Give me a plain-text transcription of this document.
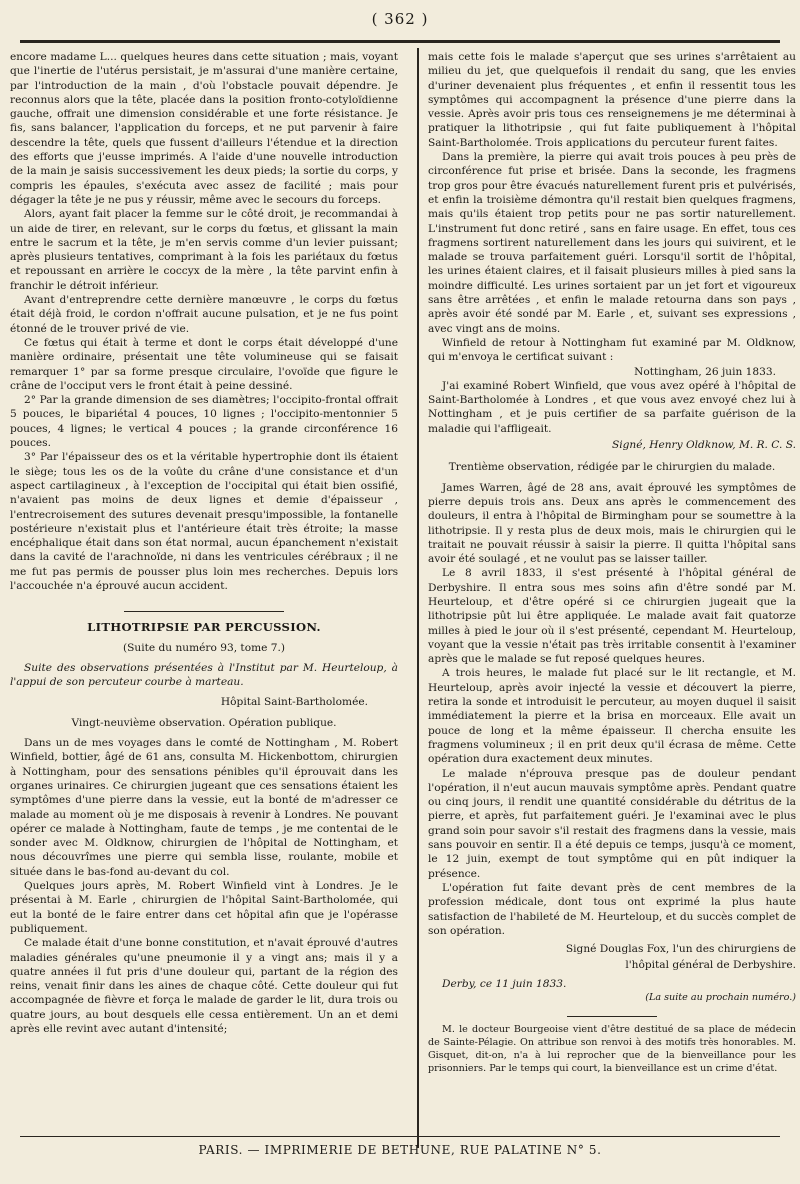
( 362 )

encore madame L... quelques heures dans cette situation ; mais, voyant que l'inertie de l'utérus persistait, je m'assurai d'une manière certaine, par l'introduction de la main , d'où l'obstacle pouvait dépendre. Je reconnus alors que la tête, placée dans la position fronto-cotyloïdienne gauche, offrait une dimension considérable et une forte résistance. Je fis, sans balancer, l'application du forceps, et ne put parvenir à faire descendre la tête, quels que fussent d'ailleurs l'étendue et la direction des efforts que j'eusse imprimés. A l'aide d'une nouvelle introduction de la main je saisis successivement les deux pieds; la sortie du corps, y compris les épaules, s'exécuta avec assez de facilité ; mais pour dégager la tête je ne pus y réussir, même avec le secours du forceps.

Alors, ayant fait placer la femme sur le côté droit, je recommandai à un aide de tirer, en relevant, sur le corps du fœtus, et glissant la main entre le sacrum et la tête, je m'en servis comme d'un levier puissant; après plusieurs tentatives, comprimant à la fois les pariétaux du fœtus et repoussant en arrière le coccyx de la mère , la tête parvint enfin à franchir le détroit inférieur.

Avant d'entreprendre cette dernière manœuvre , le corps du fœtus était déjà froid, le cordon n'offrait aucune pulsation, et je ne fus point étonné de le trouver privé de vie.

Ce fœtus qui était à terme et dont le corps était développé d'une manière ordinaire, présentait une tête volumineuse qui se faisait remarquer 1° par sa forme presque circulaire, l'ovoïde que figure le crâne de l'occiput vers le front était à peine dessiné.

2° Par la grande dimension de ses diamètres; l'occipito-frontal offrait 5 pouces, le bipariétal 4 pouces, 10 lignes ; l'occipito-mentonnier 5 pouces, 4 lignes; le vertical 4 pouces ; la grande circonférence 16 pouces.

3° Par l'épaisseur des os et la véritable hypertrophie dont ils étaient le siège; tous les os de la voûte du crâne d'une consistance et d'un aspect cartilagineux , à l'exception de l'occipital qui était bien ossifié, n'avaient pas moins de deux lignes et demie d'épaisseur , l'entrecroisement des sutures devenait presqu'impossible, la fontanelle postérieure n'existait plus et l'antérieure était très étroite; la masse encéphalique était dans son état normal, aucun épanchement n'existait dans la cavité de l'arachnoïde, ni dans les ventricules cérébraux ; il ne me fut pas permis de pousser plus loin mes recherches. Depuis lors l'accouchée n'a éprouvé aucun accident.

LITHOTRIPSIE PAR PERCUSSION.

(Suite du numéro 93, tome 7.)

Suite des observations présentées à l'Institut par M. Heurteloup, à l'appui de son percuteur courbe à marteau.

Hôpital Saint-Bartholomée.

Vingt-neuvième observation. Opération publique.

Dans un de mes voyages dans le comté de Nottingham , M. Robert Winfield, bottier, âgé de 61 ans, consulta M. Hickenbottom, chirurgien à Nottingham, pour des sensations pénibles qu'il éprouvait dans les organes urinaires. Ce chirurgien jugeant que ces sensations étaient les symptômes d'une pierre dans la vessie, eut la bonté de m'adresser ce malade au moment où je me disposais à revenir à Londres. Ne pouvant opérer ce malade à Nottingham, faute de temps , je me contentai de le sonder avec M. Oldknow, chirurgien de l'hôpital de Nottingham, et nous découvrîmes une pierre qui sembla lisse, roulante, mobile et située dans le bas-fond au-devant du col.

Quelques jours après, M. Robert Winfield vint à Londres. Je le présentai à M. Earle , chirurgien de l'hôpital Saint-Bartholomée, qui eut la bonté de le faire entrer dans cet hôpital afin que je l'opérasse publiquement.

Ce malade était d'une bonne constitution, et n'avait éprouvé d'autres maladies générales qu'une pneumonie il y a vingt ans; mais il y a quatre années il fut pris d'une douleur qui, partant de la région des reins, venait finir dans les aines de chaque côté. Cette douleur qui fut accompagnée de fièvre et força le malade de garder le lit, dura trois ou quatre jours, au bout desquels elle cessa entièrement. Un an et demi après elle revint avec autant d'intensité;

mais cette fois le malade s'aperçut que ses urines s'arrêtaient au milieu du jet, que quelquefois il rendait du sang, que les envies d'uriner devenaient plus fréquentes , et enfin il ressentit tous les symptômes qui accompagnent la présence d'une pierre dans la vessie. Après avoir pris tous ces renseignemens je me déterminai à pratiquer la lithotripsie , qui fut faite publiquement à l'hôpital Saint-Bartholomée. Trois applications du percuteur furent faites.

Dans la première, la pierre qui avait trois pouces à peu près de circonférence fut prise et brisée. Dans la seconde, les fragmens trop gros pour être évacués naturellement furent pris et pulvérisés, et enfin la troisième démontra qu'il restait bien quelques fragmens, mais qu'ils étaient trop petits pour ne pas sortir naturellement. L'instrument fut donc retiré , sans en faire usage. En effet, tous ces fragmens sortirent naturellement dans les jours qui suivirent, et le malade se trouva parfaitement guéri. Lorsqu'il sortit de l'hôpital, les urines étaient claires, et il faisait plusieurs milles à pied sans la moindre difficulté. Les urines sortaient par un jet fort et vigoureux sans être arrêtées , et enfin le malade retourna dans son pays , après avoir été sondé par M. Earle , et, suivant ses expressions , avec vingt ans de moins.

Winfield de retour à Nottingham fut examiné par M. Oldknow, qui m'envoya le certificat suivant :

Nottingham, 26 juin 1833.

J'ai examiné Robert Winfield, que vous avez opéré à l'hôpital de Saint-Bartholomée à Londres , et que vous avez envoyé chez lui à Nottingham , et je puis certifier de sa parfaite guérison de la maladie qui l'affligeait.

Signé, Henry Oldknow, M. R. C. S.

Trentième observation, rédigée par le chirurgien du malade.

James Warren, âgé de 28 ans, avait éprouvé les symptômes de pierre depuis trois ans. Deux ans après le commencement des douleurs, il entra à l'hôpital de Birmingham pour se soumettre à la lithotripsie. Il y resta plus de deux mois, mais le chirurgien qui le traitait ne pouvait réussir à saisir la pierre. Il quitta l'hôpital sans avoir été soulagé , et ne voulut pas se laisser tailler.

Le 8 avril 1833, il s'est présenté à l'hôpital général de Derbyshire. Il entra sous mes soins afin d'être sondé par M. Heurteloup, et d'être opéré si ce chirurgien jugeait que la lithotripsie pût lui être appliquée. Le malade avait fait quatorze milles à pied le jour où il s'est présenté, cependant M. Heurteloup, voyant que la vessie n'était pas très irritable consentit à l'examiner après que le malade se fut reposé quelques heures.

A trois heures, le malade fut placé sur le lit rectangle, et M. Heurteloup, après avoir injecté la vessie et découvert la pierre, retira la sonde et introduisit le percuteur, au moyen duquel il saisit immédiatement la pierre et la brisa en morceaux. Elle avait un pouce de long et la même épaisseur. Il chercha ensuite les fragmens volumineux ; il en prit deux qu'il écrasa de même. Cette opération dura exactement deux minutes.

Le malade n'éprouva presque pas de douleur pendant l'opération, il n'eut aucun mauvais symptôme après. Pendant quatre ou cinq jours, il rendit une quantité considérable du détritus de la pierre, et après, fut parfaitement guéri. Je l'examinai avec le plus grand soin pour savoir s'il restait des fragmens dans la vessie, mais sans pouvoir en sentir. Il a été depuis ce temps, jusqu'à ce moment, le 12 juin, exempt de tout symptôme qui en pût indiquer la présence.

L'opération fut faite devant près de cent membres de la profession médicale, dont tous ont exprimé la plus haute satisfaction de l'habileté de M. Heurteloup, et du succès complet de son opération.

Signé Douglas Fox, l'un des chirurgiens de

l'hôpital général de Derbyshire.

Derby, ce 11 juin 1833.

(La suite au prochain numéro.)

M. le docteur Bourgeoise vient d'être destitué de sa place de médecin de Sainte-Pélagie. On attribue son renvoi à des motifs très honorables. M. Gisquet, dit-on, n'a à lui reprocher que de la bienveillance pour les prisonniers. Par le temps qui court, la bienveillance est un crime d'état.

PARIS. — IMPRIMERIE DE BETHUNE, RUE PALATINE N° 5.
